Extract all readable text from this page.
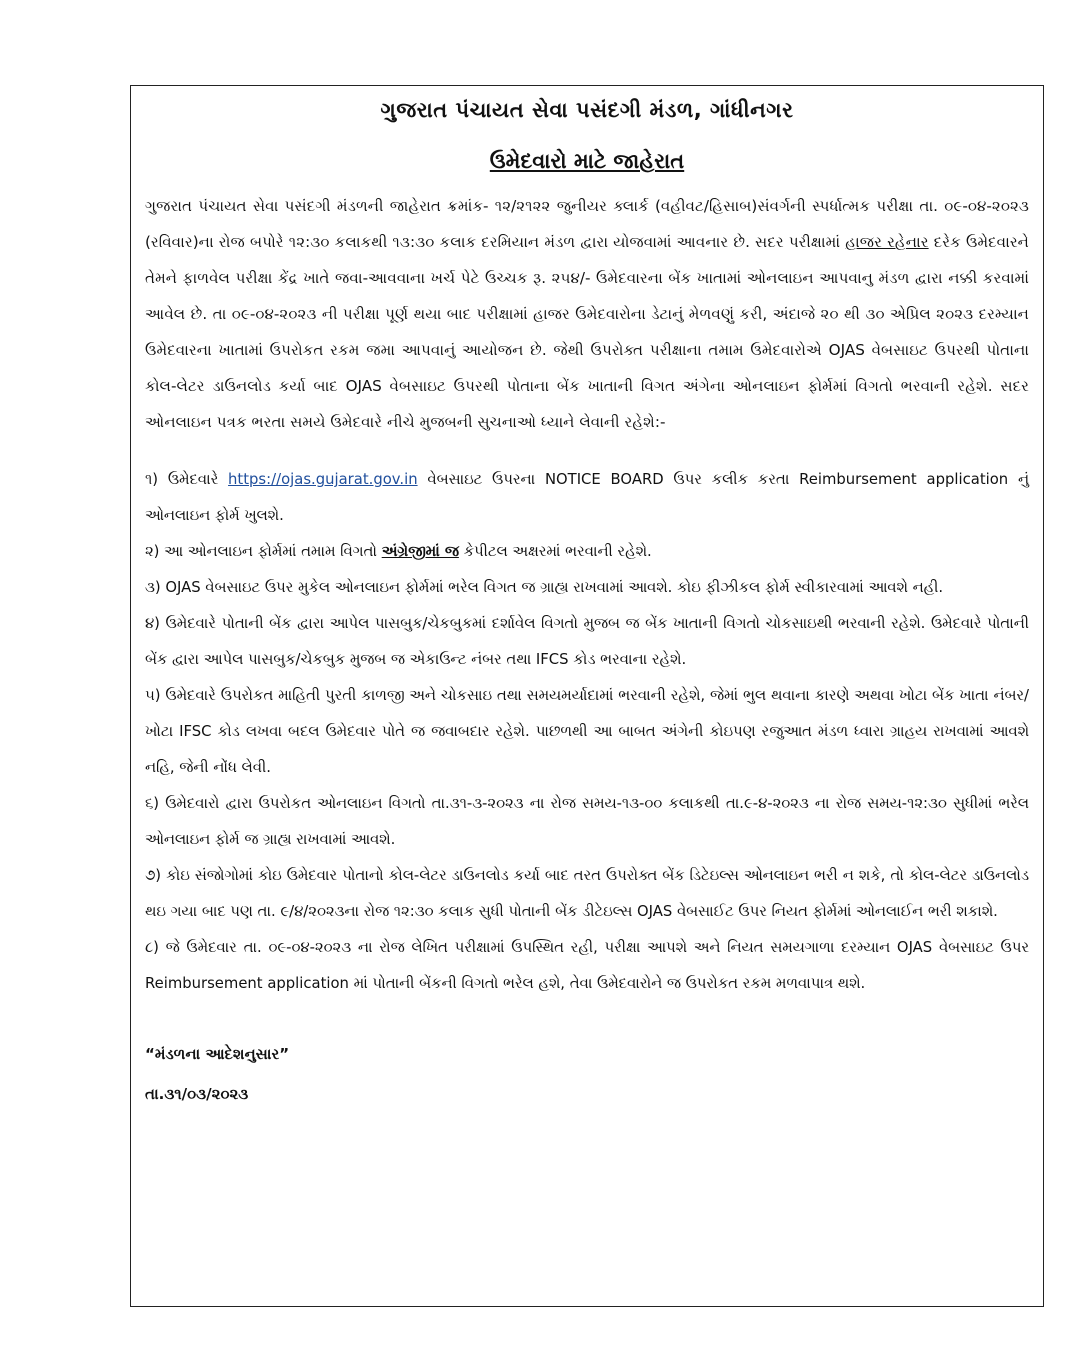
ગુજરાત પંચાયત સેવા પસંદગી મંડળ, ગાંધીનગર
ઉમેદવારો માટે જાહેરાત
ગુજરાત પંચાયત સેવા પસંદગી મંડળની જાહેરાત ક્રમાંક- ૧૨/૨૧૨૨ જુનીયર ક્લાર્ક (વહીવટ/હિસાબ)સંવર્ગની સ્પર્ધાત્મક પરીક્ષા તા. ૦૯-૦૪-૨૦૨૩ (રવિવાર)ના રોજ બપોરે ૧૨:૩૦ કલાકથી ૧૩:૩૦ કલાક દરમિયાન મંડળ દ્વારા યોજવામાં આવનાર છે. સદર પરીક્ષામાં હાજર રહેનાર દરેક ઉમેદવારને તેમને ફાળવેલ પરીક્ષા કેંદ્ર ખાતે જવા-આવવાના ખર્ચ પેટે ઉચ્ચક રૂ. ૨૫૪/- ઉમેદવારના બેંક ખાતામાં ઓનલાઇન આપવાનુ મંડળ દ્વારા નક્કી કરવામાં આવેલ છે. તા ૦૯-૦૪-૨૦૨૩ ની પરીક્ષા પૂર્ણ થયા બાદ પરીક્ષામાં હાજર ઉમેદવારોના ડેટાનું મેળવણું કરી, અંદાજે ૨૦ થી ૩૦ એપ્રિલ ૨૦૨૩ દરમ્યાન ઉમેદવારના ખાતામાં ઉપરોકત રકમ જમા આપવાનું આયોજન છે. જેથી ઉપરોક્ત પરીક્ષાના તમામ ઉમેદવારોએ OJAS વેબસાઇટ ઉપરથી પોતાના કોલ-લેટર ડાઉનલોડ કર્યા બાદ OJAS વેબસાઇટ ઉપરથી પોતાના બેંક ખાતાની વિગત અંગેના ઓનલાઇન ફોર્મમાં વિગતો ભરવાની રહેશે. સદર ઓનલાઇન પત્રક ભરતા સમયે ઉમેદવારે નીચે મુજબની સુચનાઓ ધ્યાને લેવાની રહેશે:-

૧) ઉમેદવારે https://ojas.gujarat.gov.in વેબસાઇટ ઉપરના NOTICE BOARD ઉપર કલીક કરતા Reimbursement application નું ઓનલાઇન ફોર્મ ખુલશે.

૨) આ ઓનલાઇન ફોર્મમાં તમામ વિગતો અંગ્રેજીમાં જ કેપીટલ અક્ષરમાં ભરવાની રહેશે.

૩) OJAS વેબસાઇટ ઉપર મુકેલ ઓનલાઇન ફોર્મમાં ભરેલ વિગત જ ગ્રાહ્ય રાખવામાં આવશે. કોઇ ફીઝીકલ ફોર્મ સ્વીકારવામાં આવશે નહી.

૪) ઉમેદવારે પોતાની બેંક દ્વારા આપેલ પાસબુક/ચેકબુકમાં દર્શાવેલ વિગતો મુજબ જ બેંક ખાતાની વિગતો ચોકસાઇથી ભરવાની રહેશે. ઉમેદવારે પોતાની બેંક દ્વારા આપેલ પાસબુક/ચેકબુક મુજબ જ એકાઉન્ટ નંબર તથા IFCS કોડ ભરવાના રહેશે.

૫) ઉમેદવારે ઉપરોકત માહિતી પુરતી કાળજી અને ચોકસાઇ તથા સમયમર્યાદામાં ભરવાની રહેશે, જેમાં ભુલ થવાના કારણે અથવા ખોટા બેંક ખાતા નંબર/ખોટા IFSC કોડ લખવા બદલ ઉમેદવાર પોતે જ જવાબદાર રહેશે. પાછળથી આ બાબત અંગેની કોઇપણ રજુઆત મંડળ ધ્વારા ગ્રાહય રાખવામાં આવશે નહિ, જેની નોંધ લેવી.

૬) ઉમેદવારો દ્વારા ઉપરોકત ઓનલાઇન વિગતો તા.૩૧-૩-૨૦૨૩ ના રોજ સમય-૧૩-૦૦ કલાકથી તા.૯-૪-૨૦૨૩ ના રોજ સમય-૧૨:૩૦ સુધીમાં ભરેલ ઓનલાઇન ફોર્મ જ ગ્રાહ્ય રાખવામાં આવશે.

૭) કોઇ સંજોગોમાં કોઇ ઉમેદવાર પોતાનો કોલ-લેટર ડાઉનલોડ કર્યા બાદ તરત ઉપરોક્ત બેંક ડિટેઇલ્સ ઓનલાઇન ભરી ન શકે, તો કોલ-લેટર ડાઉનલોડ થઇ ગયા બાદ પણ તા. ૯/૪/૨૦૨૩ના રોજ ૧૨:૩૦ કલાક સુધી પોતાની બેંક ડીટેઇલ્સ OJAS વેબસાઈટ ઉપર નિયત ફોર્મમાં ઓનલાઈન ભરી શકાશે.

૮) જે ઉમેદવાર તા. ૦૯-૦૪-૨૦૨૩ ના રોજ લેખિત પરીક્ષામાં ઉપસ્થિત રહી, પરીક્ષા આપશે અને નિયત સમયગાળા દરમ્યાન OJAS વેબસાઇટ ઉપર Reimbursement application માં પોતાની બેંકની વિગતો ભરેલ હશે, તેવા ઉમેદવારોને જ ઉપરોકત રકમ મળવાપાત્ર થશે.

“મંડળના આદેશનુસાર”
તા.૩૧/૦૩/૨૦૨૩
